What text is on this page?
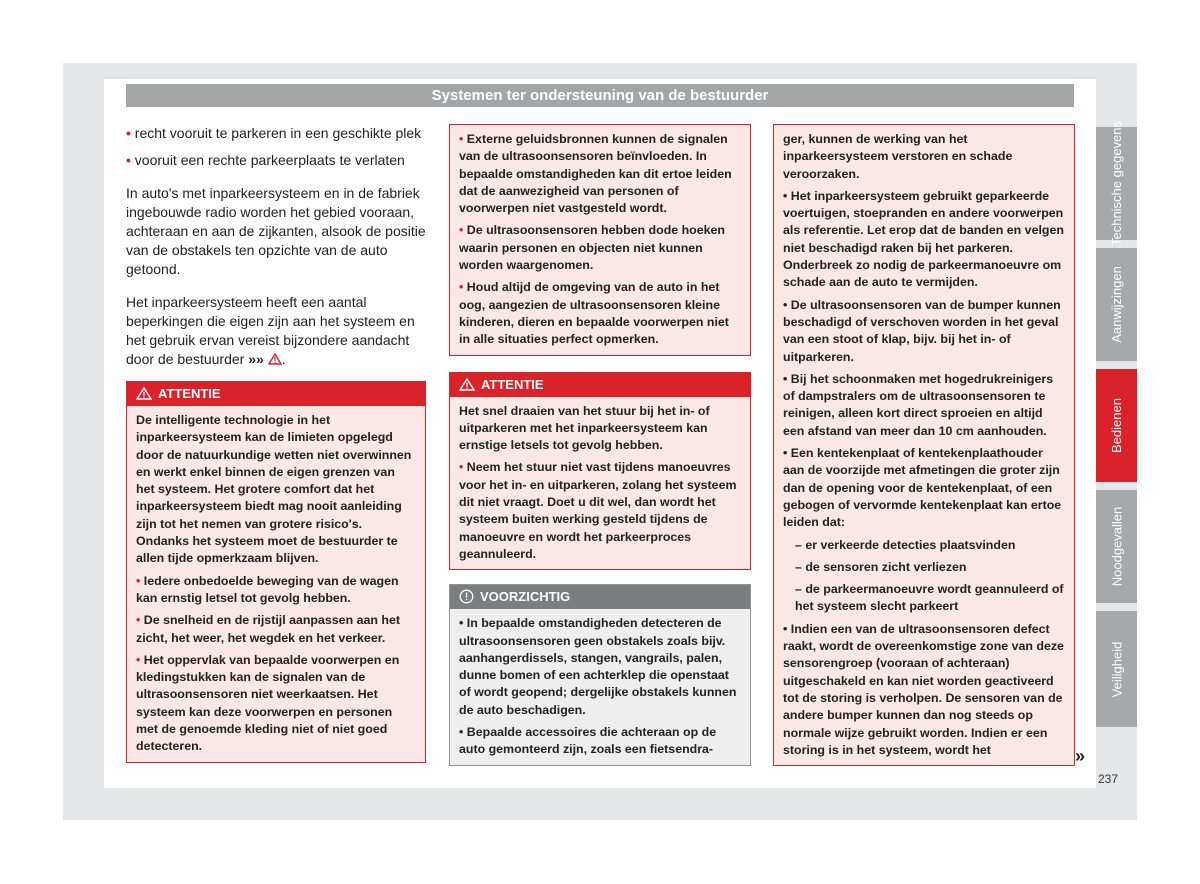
Systemen ter ondersteuning van de bestuurder

• recht vooruit te parkeren in een geschikte plek

• vooruit een rechte parkeerplaats te verlaten

In auto's met inparkeersysteem en in de fabriek ingebouwde radio worden het gebied vooraan, achteraan en aan de zijkanten, alsook de positie van de obstakels ten opzichte van de auto getoond.

Het inparkeersysteem heeft een aantal beperkingen die eigen zijn aan het systeem en het gebruik ervan vereist bijzondere aandacht door de bestuurder »» .

ATTENTIE

De intelligente technologie in het inparkeersysteem kan de limieten opgelegd door de natuurkundige wetten niet overwinnen en werkt enkel binnen de eigen grenzen van het systeem. Het grotere comfort dat het inparkeersysteem biedt mag nooit aanleiding zijn tot het nemen van grotere risico's. Ondanks het systeem moet de bestuurder te allen tijde opmerkzaam blijven.

• Iedere onbedoelde beweging van de wagen kan ernstig letsel tot gevolg hebben.

• De snelheid en de rijstijl aanpassen aan het zicht, het weer, het wegdek en het verkeer.

• Het oppervlak van bepaalde voorwerpen en kledingstukken kan de signalen van de ultrasoonsensoren niet weerkaatsen. Het systeem kan deze voorwerpen en personen met de genoemde kleding niet of niet goed detecteren.

• Externe geluidsbronnen kunnen de signalen van de ultrasoonsensoren beïnvloeden. In bepaalde omstandigheden kan dit ertoe leiden dat de aanwezigheid van personen of voorwerpen niet vastgesteld wordt.

• De ultrasoonsensoren hebben dode hoeken waarin personen en objecten niet kunnen worden waargenomen.

• Houd altijd de omgeving van de auto in het oog, aangezien de ultrasoonsensoren kleine kinderen, dieren en bepaalde voorwerpen niet in alle situaties perfect opmerken.

ATTENTIE

Het snel draaien van het stuur bij het in- of uitparkeren met het inparkeersysteem kan ernstige letsels tot gevolg hebben.

• Neem het stuur niet vast tijdens manoeuvres voor het in- en uitparkeren, zolang het systeem dit niet vraagt. Doet u dit wel, dan wordt het systeem buiten werking gesteld tijdens de manoeuvre en wordt het parkeerproces geannuleerd.

VOORZICHTIG

• In bepaalde omstandigheden detecteren de ultrasoonsensoren geen obstakels zoals bijv. aanhangerdissels, stangen, vangrails, palen, dunne bomen of een achterklep die openstaat of wordt geopend; dergelijke obstakels kunnen de auto beschadigen.

• Bepaalde accessoires die achteraan op de auto gemonteerd zijn, zoals een fietsendra-

ger, kunnen de werking van het inparkeersysteem verstoren en schade veroorzaken.

• Het inparkeersysteem gebruikt geparkeerde voertuigen, stoepranden en andere voorwerpen als referentie. Let erop dat de banden en velgen niet beschadigd raken bij het parkeren. Onderbreek zo nodig de parkeermanoeuvre om schade aan de auto te vermijden.

• De ultrasoonsensoren van de bumper kunnen beschadigd of verschoven worden in het geval van een stoot of klap, bijv. bij het in- of uitparkeren.

• Bij het schoonmaken met hogedrukreinigers of dampstralers om de ultrasoonsensoren te reinigen, alleen kort direct sproeien en altijd een afstand van meer dan 10 cm aanhouden.

• Een kentekenplaat of kentekenplaathouder aan de voorzijde met afmetingen die groter zijn dan de opening voor de kentekenplaat, of een gebogen of vervormde kentekenplaat kan ertoe leiden dat:

– er verkeerde detecties plaatsvinden

– de sensoren zicht verliezen

– de parkeermanoeuvre wordt geannuleerd of het systeem slecht parkeert

• Indien een van de ultrasoonsensoren defect raakt, wordt de overeenkomstige zone van deze sensorengroep (vooraan of achteraan) uitgeschakeld en kan niet worden geactiveerd tot de storing is verholpen. De sensoren van de andere bumper kunnen dan nog steeds op normale wijze gebruikt worden. Indien er een storing is in het systeem, wordt het	»
Technische gegevens
Aanwijzingen
Bedienen
Noodgevallen
Veiligheid
237
